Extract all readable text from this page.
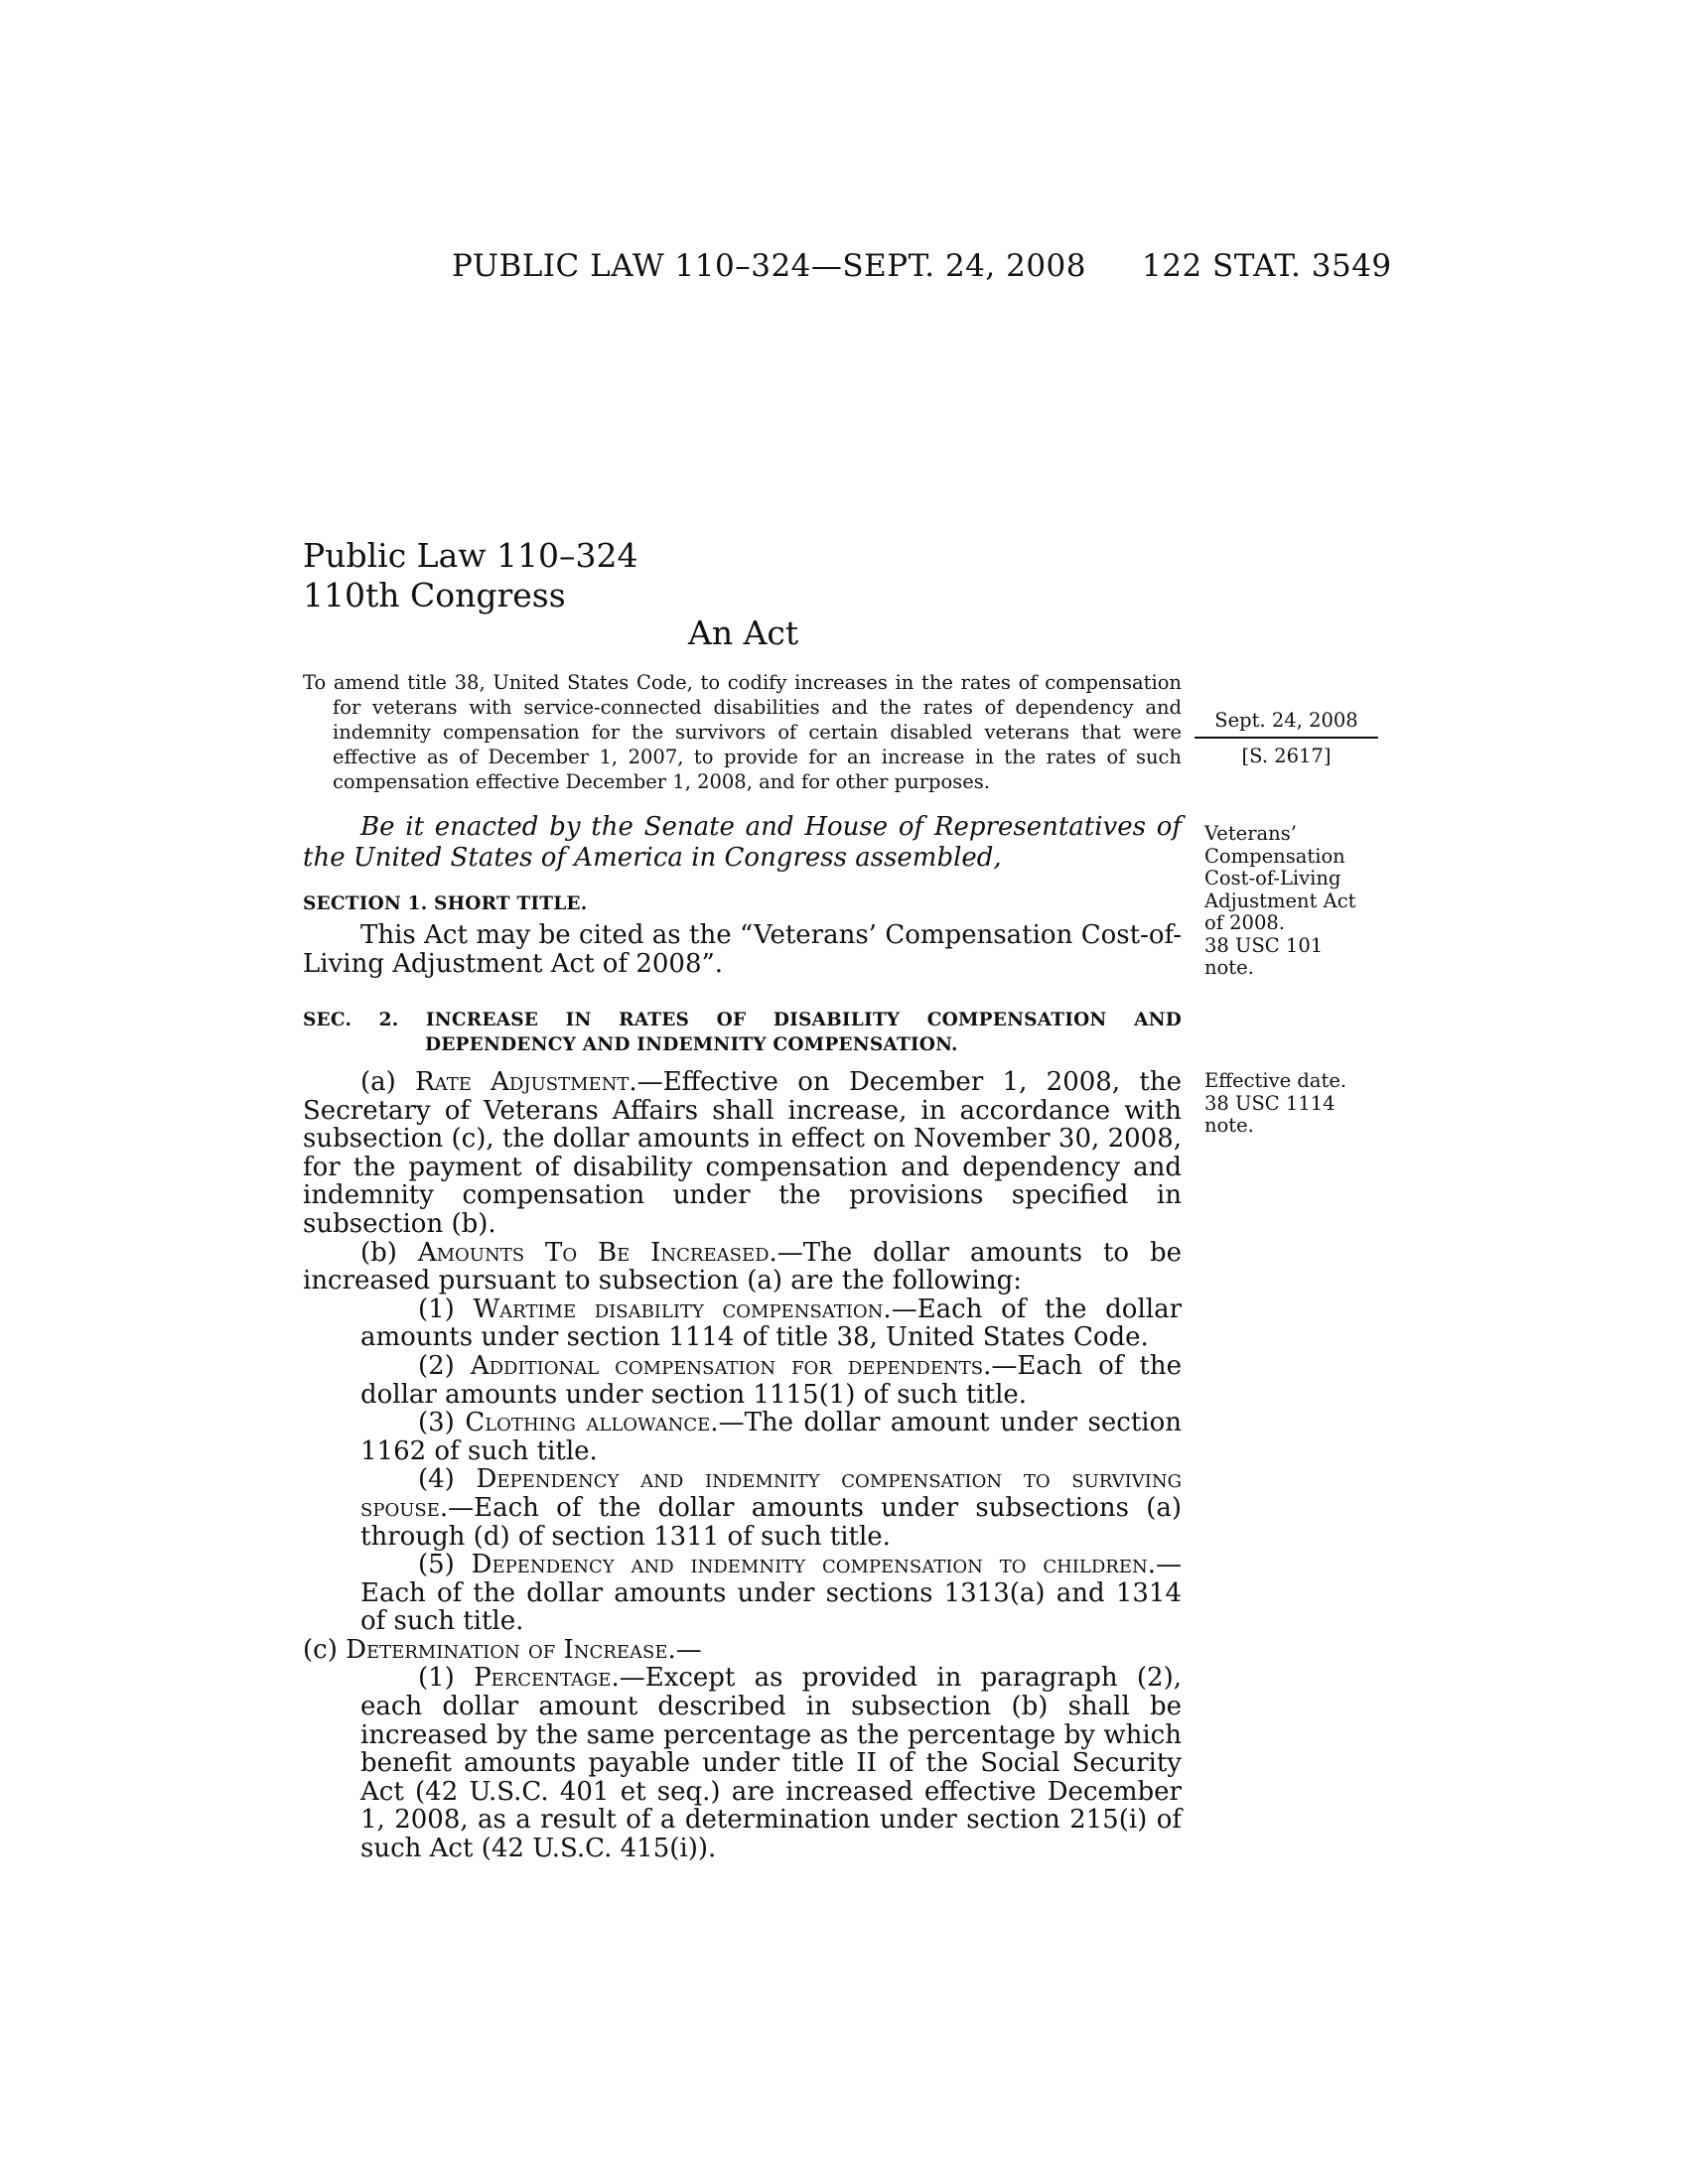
PUBLIC LAW 110–324—SEPT. 24, 2008 122 STAT. 3549
Public Law 110–324
110th Congress
An Act
To amend title 38, United States Code, to codify increases in the rates of compensation for veterans with service-connected disabilities and the rates of dependency and indemnity compensation for the survivors of certain disabled veterans that were effective as of December 1, 2007, to provide for an increase in the rates of such compensation effective December 1, 2008, and for other purposes.
Sept. 24, 2008
[S. 2617]
Be it enacted by the Senate and House of Representatives of the United States of America in Congress assembled,
SECTION 1. SHORT TITLE.
This Act may be cited as the “Veterans’ Compensation Cost-of-Living Adjustment Act of 2008”.
SEC. 2. INCREASE IN RATES OF DISABILITY COMPENSATION AND
DEPENDENCY AND INDEMNITY COMPENSATION.

(a) Rate Adjustment.—Effective on December 1, 2008, the Secretary of Veterans Affairs shall increase, in accordance with subsection (c), the dollar amounts in effect on November 30, 2008, for the payment of disability compensation and dependency and indemnity compensation under the provisions specified in subsection (b).

(b) Amounts To Be Increased.—The dollar amounts to be increased pursuant to subsection (a) are the following:

(1) Wartime disability compensation.—Each of the dollar amounts under section 1114 of title 38, United States Code.

(2) Additional compensation for dependents.—Each of the dollar amounts under section 1115(1) of such title.

(3) Clothing allowance.—The dollar amount under section 1162 of such title.

(4) Dependency and indemnity compensation to surviving spouse.—Each of the dollar amounts under subsections (a) through (d) of section 1311 of such title.

(5) Dependency and indemnity compensation to children.—Each of the dollar amounts under sections 1313(a) and 1314 of such title.

(c) Determination of Increase.—

(1) Percentage.—Except as provided in paragraph (2), each dollar amount described in subsection (b) shall be increased by the same percentage as the percentage by which benefit amounts payable under title II of the Social Security Act (42 U.S.C. 401 et seq.) are increased effective December 1, 2008, as a result of a determination under section 215(i) of such Act (42 U.S.C. 415(i)).

Veterans’
Compensation
Cost-of-Living
Adjustment Act
of 2008.
38 USC 101
note.
Effective date.
38 USC 1114
note.
